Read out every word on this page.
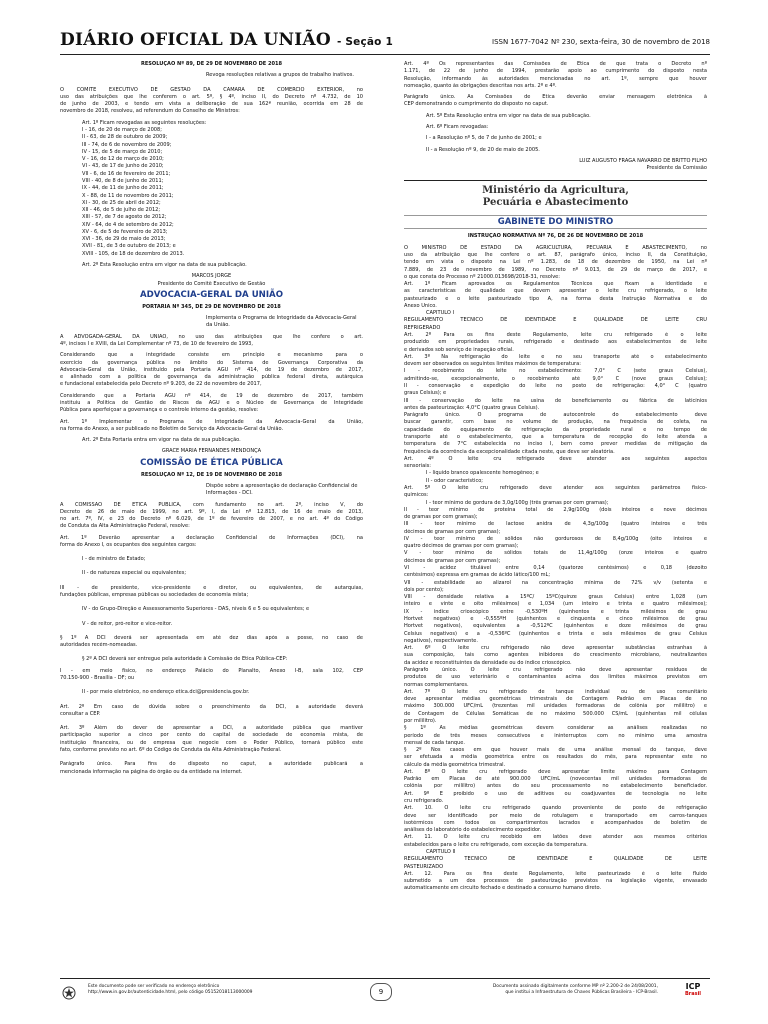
DIÁRIO OFICIAL DA UNIÃO - Seção 1	ISSN 1677-7042 Nº 230, sexta-feira, 30 de novembro de 2018

RESOLUÇÃO Nº 89, DE 29 DE NOVEMBRO DE 2018

Revoga resoluções relativas a grupos de trabalho inativos.

O COMITÊ EXECUTIVO DE GESTÃO DA CÂMARA DE COMÉRCIO EXTERIOR, no

uso das atribuições que lhe conferem o art. 5º, § 4º, inciso II, do Decreto nº 4.732, de 10

de junho de 2003, e tendo em vista a deliberação de sua 162ª reunião, ocorrida em 28 de

novembro de 2018, resolveu, ad referendum do Conselho de Ministros:

Art. 1º Ficam revogadas as seguintes resoluções:

I - 16, de 20 de março de 2008;

II - 63, de 28 de outubro de 2009;

III - 74, de 6 de novembro de 2009;

IV - 15, de 5 de março de 2010;

V - 16, de 12 de março de 2010;

VI - 43, de 17 de junho de 2010;

VII - 6, de 16 de fevereiro de 2011;

VIII - 40, de 8 de junho de 2011;

IX - 44, de 11 de junho de 2011;

X - 88, de 11 de novembro de 2011;

XI - 30, de 25 de abril de 2012;

XII - 46, de 5 de julho de 2012;

XIII - 57, de 7 de agosto de 2012;

XIV - 64, de 4 de setembro de 2012;

XV - 6, de 5 de fevereiro de 2013;

XVI - 36, de 29 de maio de 2013;

XVII - 81, de 3 de outubro de 2013; e

XVIII - 105, de 18 de dezembro de 2013.

Art. 2º Esta Resolução entra em vigor na data de sua publicação.

MARCOS JORGE

Presidente do Comitê Executivo de Gestão

ADVOCACIA-GERAL DA UNIÃO

PORTARIA Nº 345, DE 29 DE NOVEMBRO DE 2018

Implementa o Programa de Integridade da Advocacia-Geral da União.

A ADVOGADA-GERAL DA UNIÃO, no uso das atribuições que lhe confere o art.

4º, incisos I e XVIII, da Lei Complementar nº 73, de 10 de fevereiro de 1993,

Considerando que a integridade consiste em princípio e mecanismo para o

exercício da governança pública no âmbito do Sistema de Governança Corporativa da

Advocacia-Geral da União, instituído pela Portaria AGU nº 414, de 19 de dezembro de 2017,

e alinhado com a política de governança da administração pública federal direta, autárquica

e fundacional estabelecida pelo Decreto nº 9.203, de 22 de novembro de 2017,

Considerando que a Portaria AGU nº 414, de 19 de dezembro de 2017, também

instituiu a Política de Gestão de Riscos da AGU e o Núcleo de Governança de Integridade

Pública para aperfeiçoar a governança e o controle interno da gestão, resolve:

Art. 1º Implementar o Programa de Integridade da Advocacia-Geral da União,

na forma do Anexo, a ser publicado no Boletim de Serviço da Advocacia-Geral da União.

Art. 2º Esta Portaria entra em vigor na data de sua publicação.

GRACE MARIA FERNANDES MENDONÇA

COMISSÃO DE ÉTICA PÚBLICA

RESOLUÇÃO Nº 12, DE 19 DE NOVEMBRO DE 2018

Dispõe sobre a apresentação de declaração Confidencial de Informações - DCI.

A COMISSÃO DE ÉTICA PÚBLICA, com fundamento no art. 2º, inciso V, do

Decreto de 26 de maio de 1999, no art. 9º, I, da Lei nº 12.813, de 16 de maio de 2013,

no art. 7º, IV, e 23 do Decreto nº 6.029, de 1º de fevereiro de 2007, e no art. 4º do Código

de Conduta da Alta Administração Federal, resolve:

Art. 1º Deverão apresentar a declaração Confidencial de Informações (DCI), na

forma do Anexo I, os ocupantes dos seguintes cargos:

I - de ministro de Estado;

II - de natureza especial ou equivalentes;

III - de presidente, vice-presidente e diretor, ou equivalentes, de autarquias,

fundações públicas, empresas públicas ou sociedades de economia mista;

IV - do Grupo-Direção e Assessoramento Superiores - DAS, níveis 6 e 5 ou equivalentes; e

V - de reitor, pró-reitor e vice-reitor.

§ 1º A DCI deverá ser apresentada em até dez dias após a posse, no caso de

autoridades recém-nomeadas.

§ 2º A DCI deverá ser entregue pela autoridade à Comissão de Ética Pública-CEP:

I - em meio físico, no endereço Palácio do Planalto, Anexo I-B, sala 102, CEP

70.150-900 - Brasília - DF; ou

II - por meio eletrônico, no endereço etica.dci@presidencia.gov.br.

Art. 2º Em caso de dúvida sobre o preenchimento da DCI, a autoridade deverá

consultar a CEP.

Art. 3º Além do dever de apresentar a DCI, a autoridade pública que mantiver

participação superior a cinco por cento do capital de sociedade de economia mista, de

instituição financeira, ou de empresa que negocie com o Poder Público, tornará público este

fato, conforme previsto no art. 6º do Código de Conduta da Alta Administração Federal.

Parágrafo único. Para fins do disposto no caput, a autoridade publicará a

mencionada informação na página do órgão ou da entidade na internet.

Art. 4º Os representantes das Comissões de Ética de que trata o Decreto nº

1.171, de 22 de junho de 1994, prestarão apoio ao cumprimento do disposto nesta

Resolução, informando às autoridades mencionadas no art. 1º, sempre que houver

nomeação, quanto às obrigações descritas nos arts. 2º e 4º.

Parágrafo único. As Comissões de Ética deverão enviar mensagem eletrônica à

CEP demonstrando o cumprimento do disposto no caput.

Art. 5º Esta Resolução entra em vigor na data de sua publicação.

Art. 6º Ficam revogadas:

I - a Resolução nº 5, de 7 de junho de 2001; e

II - a Resolução nº 9, de 20 de maio de 2005.

LUIZ AUGUSTO FRAGA NAVARRO DE BRITTO FILHO

Presidente da Comissão

Ministério da Agricultura,
Pecuária e Abastecimento
GABINETE DO MINISTRO

INSTRUÇÃO NORMATIVA Nº 76, DE 26 DE NOVEMBRO DE 2018

O MINISTRO DE ESTADO DA AGRICULTURA, PECUÁRIA E ABASTECIMENTO, no

uso da atribuição que lhe confere o art. 87, parágrafo único, inciso II, da Constituição,

tendo em vista o disposto na Lei nº 1.283, de 18 de dezembro de 1950, na Lei nº

7.889, de 23 de novembro de 1989, no Decreto nº 9.013, de 29 de março de 2017, e

o que consta do Processo nº 21000.013698/2018-31, resolve:

Art. 1º Ficam aprovados os Regulamentos Técnicos que fixam a identidade e

as características de qualidade que devem apresentar o leite cru refrigerado, o leite

pasteurizado e o leite pasteurizado tipo A, na forma desta Instrução Normativa e do

Anexo Único.

CAPÍTULO I

REGULAMENTO TÉCNICO DE IDENTIDADE E QUALIDADE DE LEITE CRU

REFRIGERADO

Art. 2º Para os fins deste Regulamento, leite cru refrigerado é o leite

produzido em propriedades rurais, refrigerado e destinado aos estabelecimentos de leite

e derivados sob serviço de inspeção oficial.

Art. 3º Na refrigeração do leite e no seu transporte até o estabelecimento

devem ser observados os seguintes limites máximos de temperatura:

I - recebimento do leite no estabelecimento: 7,0° C (sete graus Celsius),

admitindo-se, excepcionalmente, o recebimento até 9,0° C (nove graus Celsius);

II - conservação e expedição do leite no posto de refrigeração: 4,0° C (quatro

graus Celsius); e

III - conservação do leite na usina de beneficiamento ou fábrica de laticínios

antes da pasteurização: 4,0°C (quatro graus Celsius).

Parágrafo único. O programa de autocontrole do estabelecimento deve

buscar garantir, com base no volume de produção, na frequência de coleta, na

capacidade do equipamento de refrigeração da propriedade rural e no tempo de

transporte até o estabelecimento, que a temperatura de recepção do leite atenda a

temperatura de 7°C estabelecida no inciso I, bem como prever medidas de mitigação da

frequência da ocorrência da excepcionalidade citada neste, que deve ser aleatória.

Art. 4º O leite cru refrigerado deve atender aos seguintes aspectos

sensoriais:

I - líquido branco opalescente homogêneo; e

II - odor característico;

Art. 5º O leite cru refrigerado deve atender aos seguintes parâmetros físico-

químicos:

I - teor mínimo de gordura de 3,0g/100g (três gramas por cem gramas);

II - teor mínimo de proteína total de 2,9g/100g (dois inteiros e nove décimos

de gramas por cem gramas);

III - teor mínimo de lactose anidra de 4,3g/100g (quatro inteiros e três

décimos de gramas por cem gramas);

IV - teor mínimo de sólidos não gordurosos de 8,4g/100g (oito inteiros e

quatro décimos de gramas por cem gramas);

V - teor mínimo de sólidos totais de 11,4g/100g (onze inteiros e quatro

décimos de gramas por cem gramas);

VI - acidez titulável entre 0,14 (quatorze centésimos) e 0,18 (dezoito

centésimos) expressa em gramas de ácido lático/100 mL;

VII - estabilidade ao alizarol na concentração mínima de 72% v/v (setenta e

dois por cento);

VIII - densidade relativa a 15ºC/ 15ºC(quinze graus Celsius) entre 1,028 (um

inteiro e vinte e oito milésimos) e 1,034 (um inteiro e trinta e quatro milésimos);

IX - índice crioscópico entre -0,530ºH (quinhentos e trinta milésimos de grau

Hortvet negativos) e -0,555ºH (quinhentos e cinquenta e cinco milésimos de grau

Hortvet negativos), equivalentes a -0,512ºC (quinhentos e doze milésimos de grau

Celsius negativos) e a -0,536ºC (quinhentos e trinta e seis milésimos de grau Celsius

negativos), respectivamente.

Art. 6º O leite cru refrigerado não deve apresentar substâncias estranhas à

sua composição, tais como agentes inibidores do crescimento microbiano, neutralizantes

da acidez e reconstituintes da densidade ou do índice crioscópico.

Parágrafo único. O leite cru refrigerado não deve apresentar resíduos de

produtos de uso veterinário e contaminantes acima dos limites máximos previstos em

normas complementares.

Art. 7º O leite cru refrigerado de tanque individual ou de uso comunitário

deve apresentar médias geométricas trimestrais de Contagem Padrão em Placas de no

máximo 300.000 UFC/mL (trezentas mil unidades formadoras de colônia por mililitro) e

de Contagem de Células Somáticas de no máximo 500.000 CS/mL (quinhentas mil células

por mililitro).

§ 1º As médias geométricas devem considerar as análises realizadas no

período de três meses consecutivos e ininterruptos com no mínimo uma amostra

mensal de cada tanque.

§ 2º Nos casos em que houver mais de uma análise mensal do tanque, deve

ser efetuada a média geométrica entre os resultados do mês, para representar este no

cálculo da média geométrica trimestral.

Art. 8º O leite cru refrigerado deve apresentar limite máximo para Contagem

Padrão em Placas de até 900.000 UFC/mL (novecentas mil unidades formadoras de

colônia por mililitro) antes do seu processamento no estabelecimento beneficiador.

Art. 9º É proibido o uso de aditivos ou coadjuvantes de tecnologia no leite

cru refrigerado.

Art. 10. O leite cru refrigerado quando proveniente de posto de refrigeração

deve ser identificado por meio de rotulagem e transportado em carros-tanques

isotérmicos com todos os compartimentos lacrados e acompanhados de boletim de

análises do laboratório do estabelecimento expedidor.

Art. 11. O leite cru recebido em latões deve atender aos mesmos critérios

estabelecidos para o leite cru refrigerado, com exceção da temperatura.

CAPÍTULO II

REGULAMENTO TÉCNICO DE IDENTIDADE E QUALIDADE DE LEITE

PASTEURIZADO

Art. 12. Para os fins deste Regulamento, leite pasteurizado é o leite fluido

submetido a um dos processos de pasteurização previstos na legislação vigente, envasado

automaticamente em circuito fechado e destinado a consumo humano direto.

Este documento pode ser verificado no endereço eletrônico
http://www.in.gov.br/autenticidade.html, pelo código 05152018113000009	9
Documento assinado digitalmente conforme MP nº 2.200-2 de 24/08/2001,
que institui a Infraestrutura de Chaves Públicas Brasileira - ICP-Brasil.
ICP
Brasil
